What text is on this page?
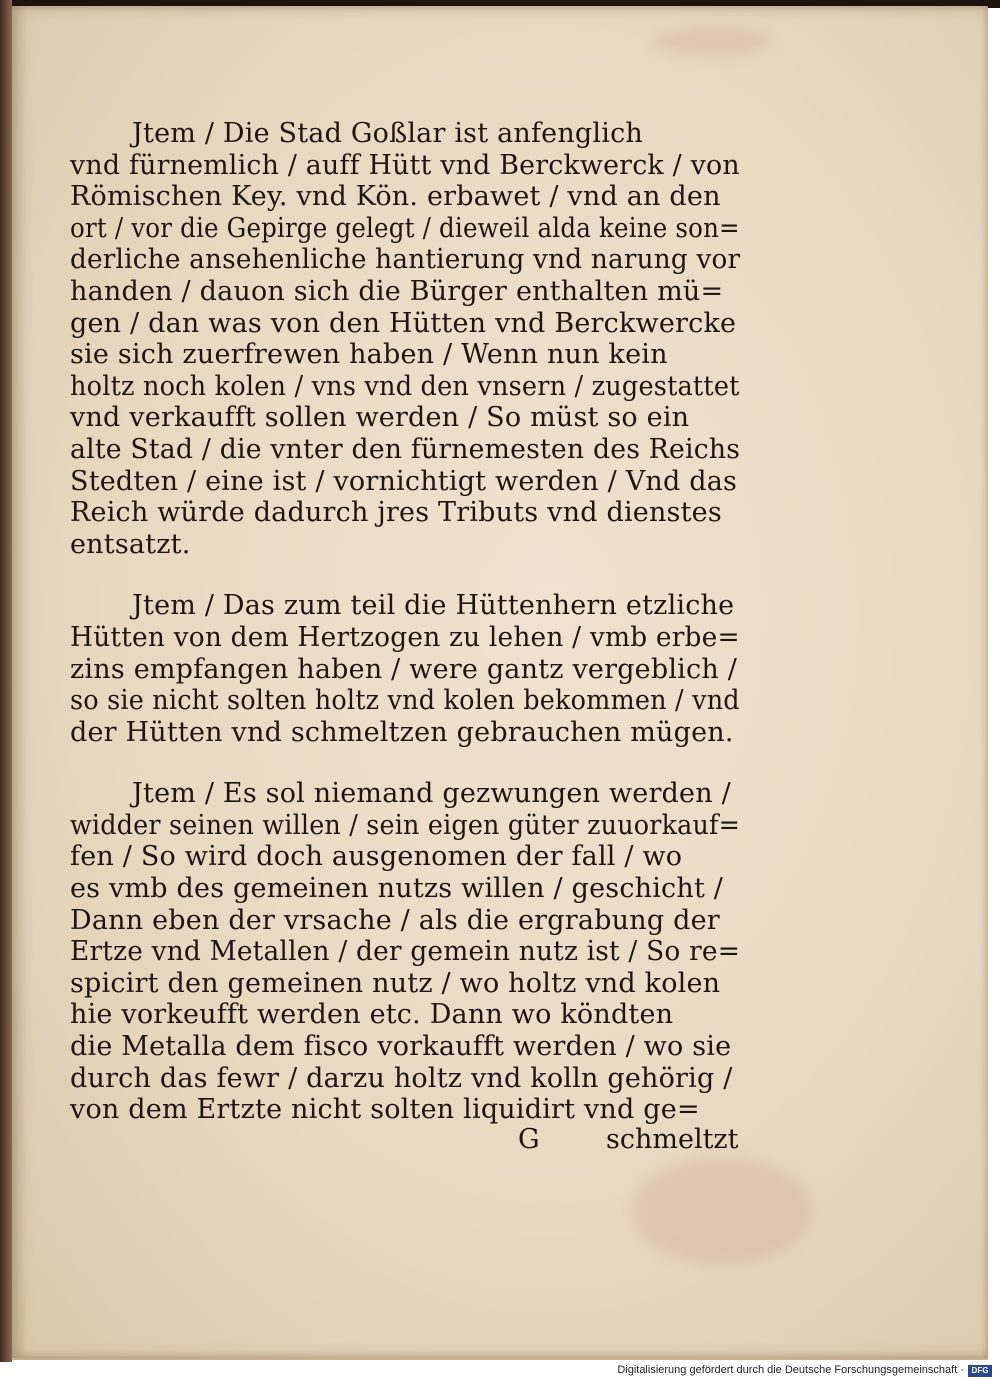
Jtem / Die Stad Goßlar ist anfenglich
vnd fürnemlich / auff Hütt vnd Berckwerck / von
Römischen Key. vnd Kön. erbawet / vnd an den
ort / vor die Gepirge gelegt / dieweil alda keine son=
derliche ansehenliche hantierung vnd narung vor
handen / dauon sich die Bürger enthalten mü=
gen / dan was von den Hütten vnd Berckwercke
sie sich zuerfrewen haben / Wenn nun kein
holtz noch kolen / vns vnd den vnsern / zugestattet
vnd verkaufft sollen werden / So müst so ein
alte Stad / die vnter den fürnemesten des Reichs
Stedten / eine ist / vornichtigt werden / Vnd das
Reich würde dadurch jres Tributs vnd dienstes
entsatzt.
Jtem / Das zum teil die Hüttenhern etzliche
Hütten von dem Hertzogen zu lehen / vmb erbe=
zins empfangen haben / were gantz vergeblich /
so sie nicht solten holtz vnd kolen bekommen / vnd
der Hütten vnd schmeltzen gebrauchen mügen.
Jtem / Es sol niemand gezwungen werden /
widder seinen willen / sein eigen güter zuuorkauf=
fen / So wird doch ausgenomen der fall / wo
es vmb des gemeinen nutzs willen / geschicht /
Dann eben der vrsache / als die ergrabung der
Ertze vnd Metallen / der gemein nutz ist / So re=
spicirt den gemeinen nutz / wo holtz vnd kolen
hie vorkeufft werden etc. Dann wo köndten
die Metalla dem fisco vorkaufft werden / wo sie
durch das fewr / darzu holtz vnd kolln gehörig /
von dem Ertzte nicht solten liquidirt vnd ge=
G schmeltzt
Digitalisierung gefördert durch die Deutsche Forschungsgemeinschaft · DFG
